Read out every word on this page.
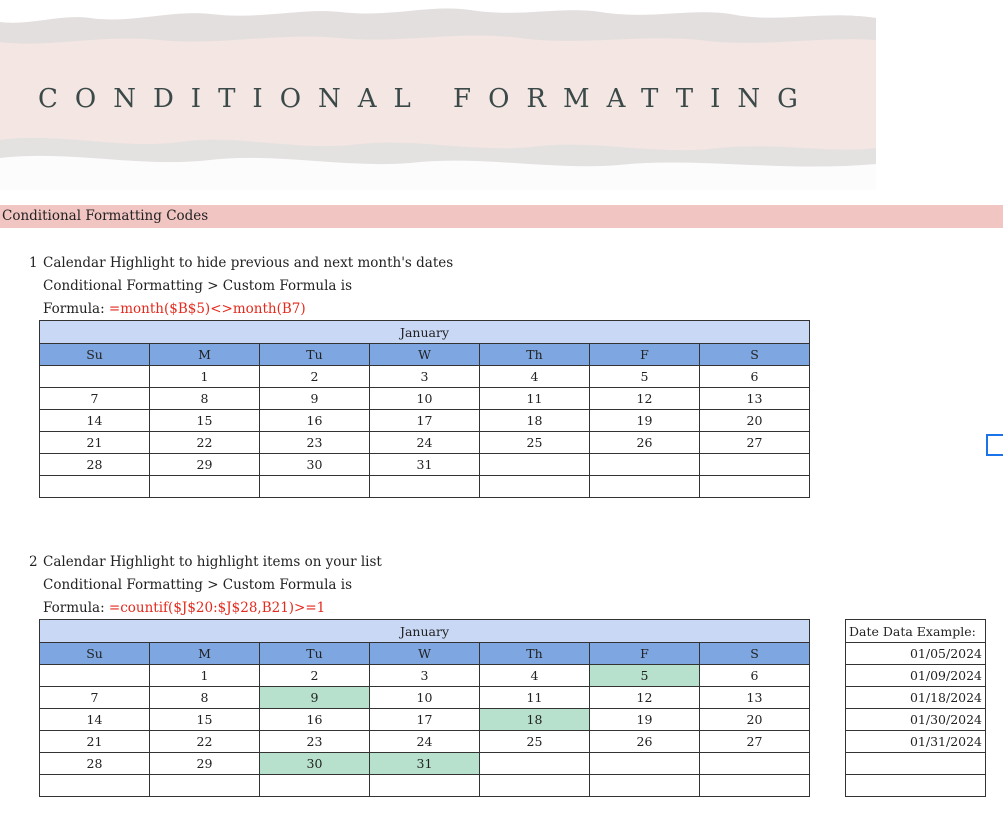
CONDITIONAL FORMATTING
Conditional Formatting Codes
1 Calendar Highlight to hide previous and next month's dates
Conditional Formatting > Custom Formula is
Formula: =month($B$5)<>month(B7)
January						
Su	M	Tu	W	Th	F	S
	1	2	3	4	5	6
7	8	9	10	11	12	13
14	15	16	17	18	19	20
21	22	23	24	25	26	27
28	29	30	31			

2 Calendar Highlight to highlight items on your list
Conditional Formatting > Custom Formula is
Formula: =countif($J$20:$J$28,B21)>=1
January						
Su	M	Tu	W	Th	F	S
	1	2	3	4	5	6
7	8	9	10	11	12	13
14	15	16	17	18	19	20
21	22	23	24	25	26	27
28	29	30	31			

Date Data Example:
01/05/2024
01/09/2024
01/18/2024
01/30/2024
01/31/2024
